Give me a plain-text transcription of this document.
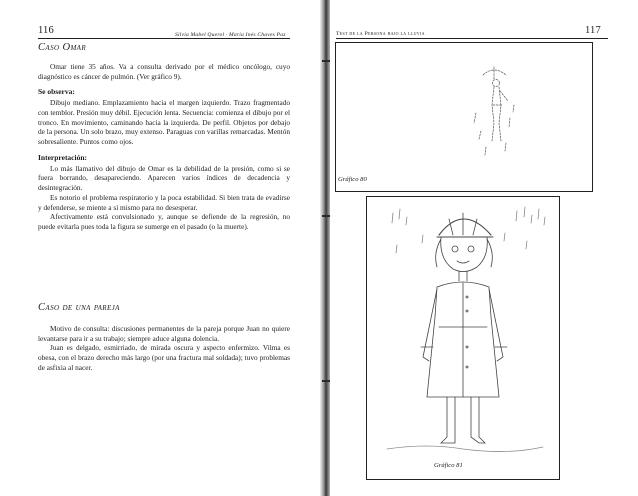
116	Silvia Mabel Querol · María Inés Chaves Paz
Caso Omar

Omar tiene 35 años. Va a consulta derivado por el médico oncólogo, cuyo diagnóstico es cáncer de pulmón. (Ver gráfico 9).

Se observa:

Dibujo mediano. Emplazamiento hacia el margen izquierdo. Trazo fragmentado con temblor. Presión muy débil. Ejecución lenta. Secuencia: comienza el dibujo por el tronco. En movimiento, caminando hacia la izquierda. De perfil. Objetos por debajo de la persona. Un solo brazo, muy extenso. Paraguas con varillas remarcadas. Mentón sobresaliente. Puntos como ojos.

Interpretación:

Lo más llamativo del dibujo de Omar es la debilidad de la presión, como si se fuera borrando, desapareciendo. Aparecen varios índices de decadencia y desintegración.

Es notorio el problema respiratorio y la poca estabilidad. Si bien trata de evadirse y defenderse, se miente a sí mismo para no desesperar.

Afectivamente está convulsionado y, aunque se defiende de la regresión, no puede evitarla pues toda la figura se sumerge en el pasado (o la muerte).

Caso de una pareja

Motivo de consulta: discusiones permanentes de la pareja porque Juan no quiere levantarse para ir a su trabajo; siempre aduce alguna dolencia.

Juan es delgado, esmirriado, de mirada oscura y aspecto enfermizo. Vilma es obesa, con el brazo derecho más largo (por una fractura mal soldada); tuvo problemas de asfixia al nacer.

Test de la Persona bajo la lluvia	117
Gráfico 80
Gráfico 81
